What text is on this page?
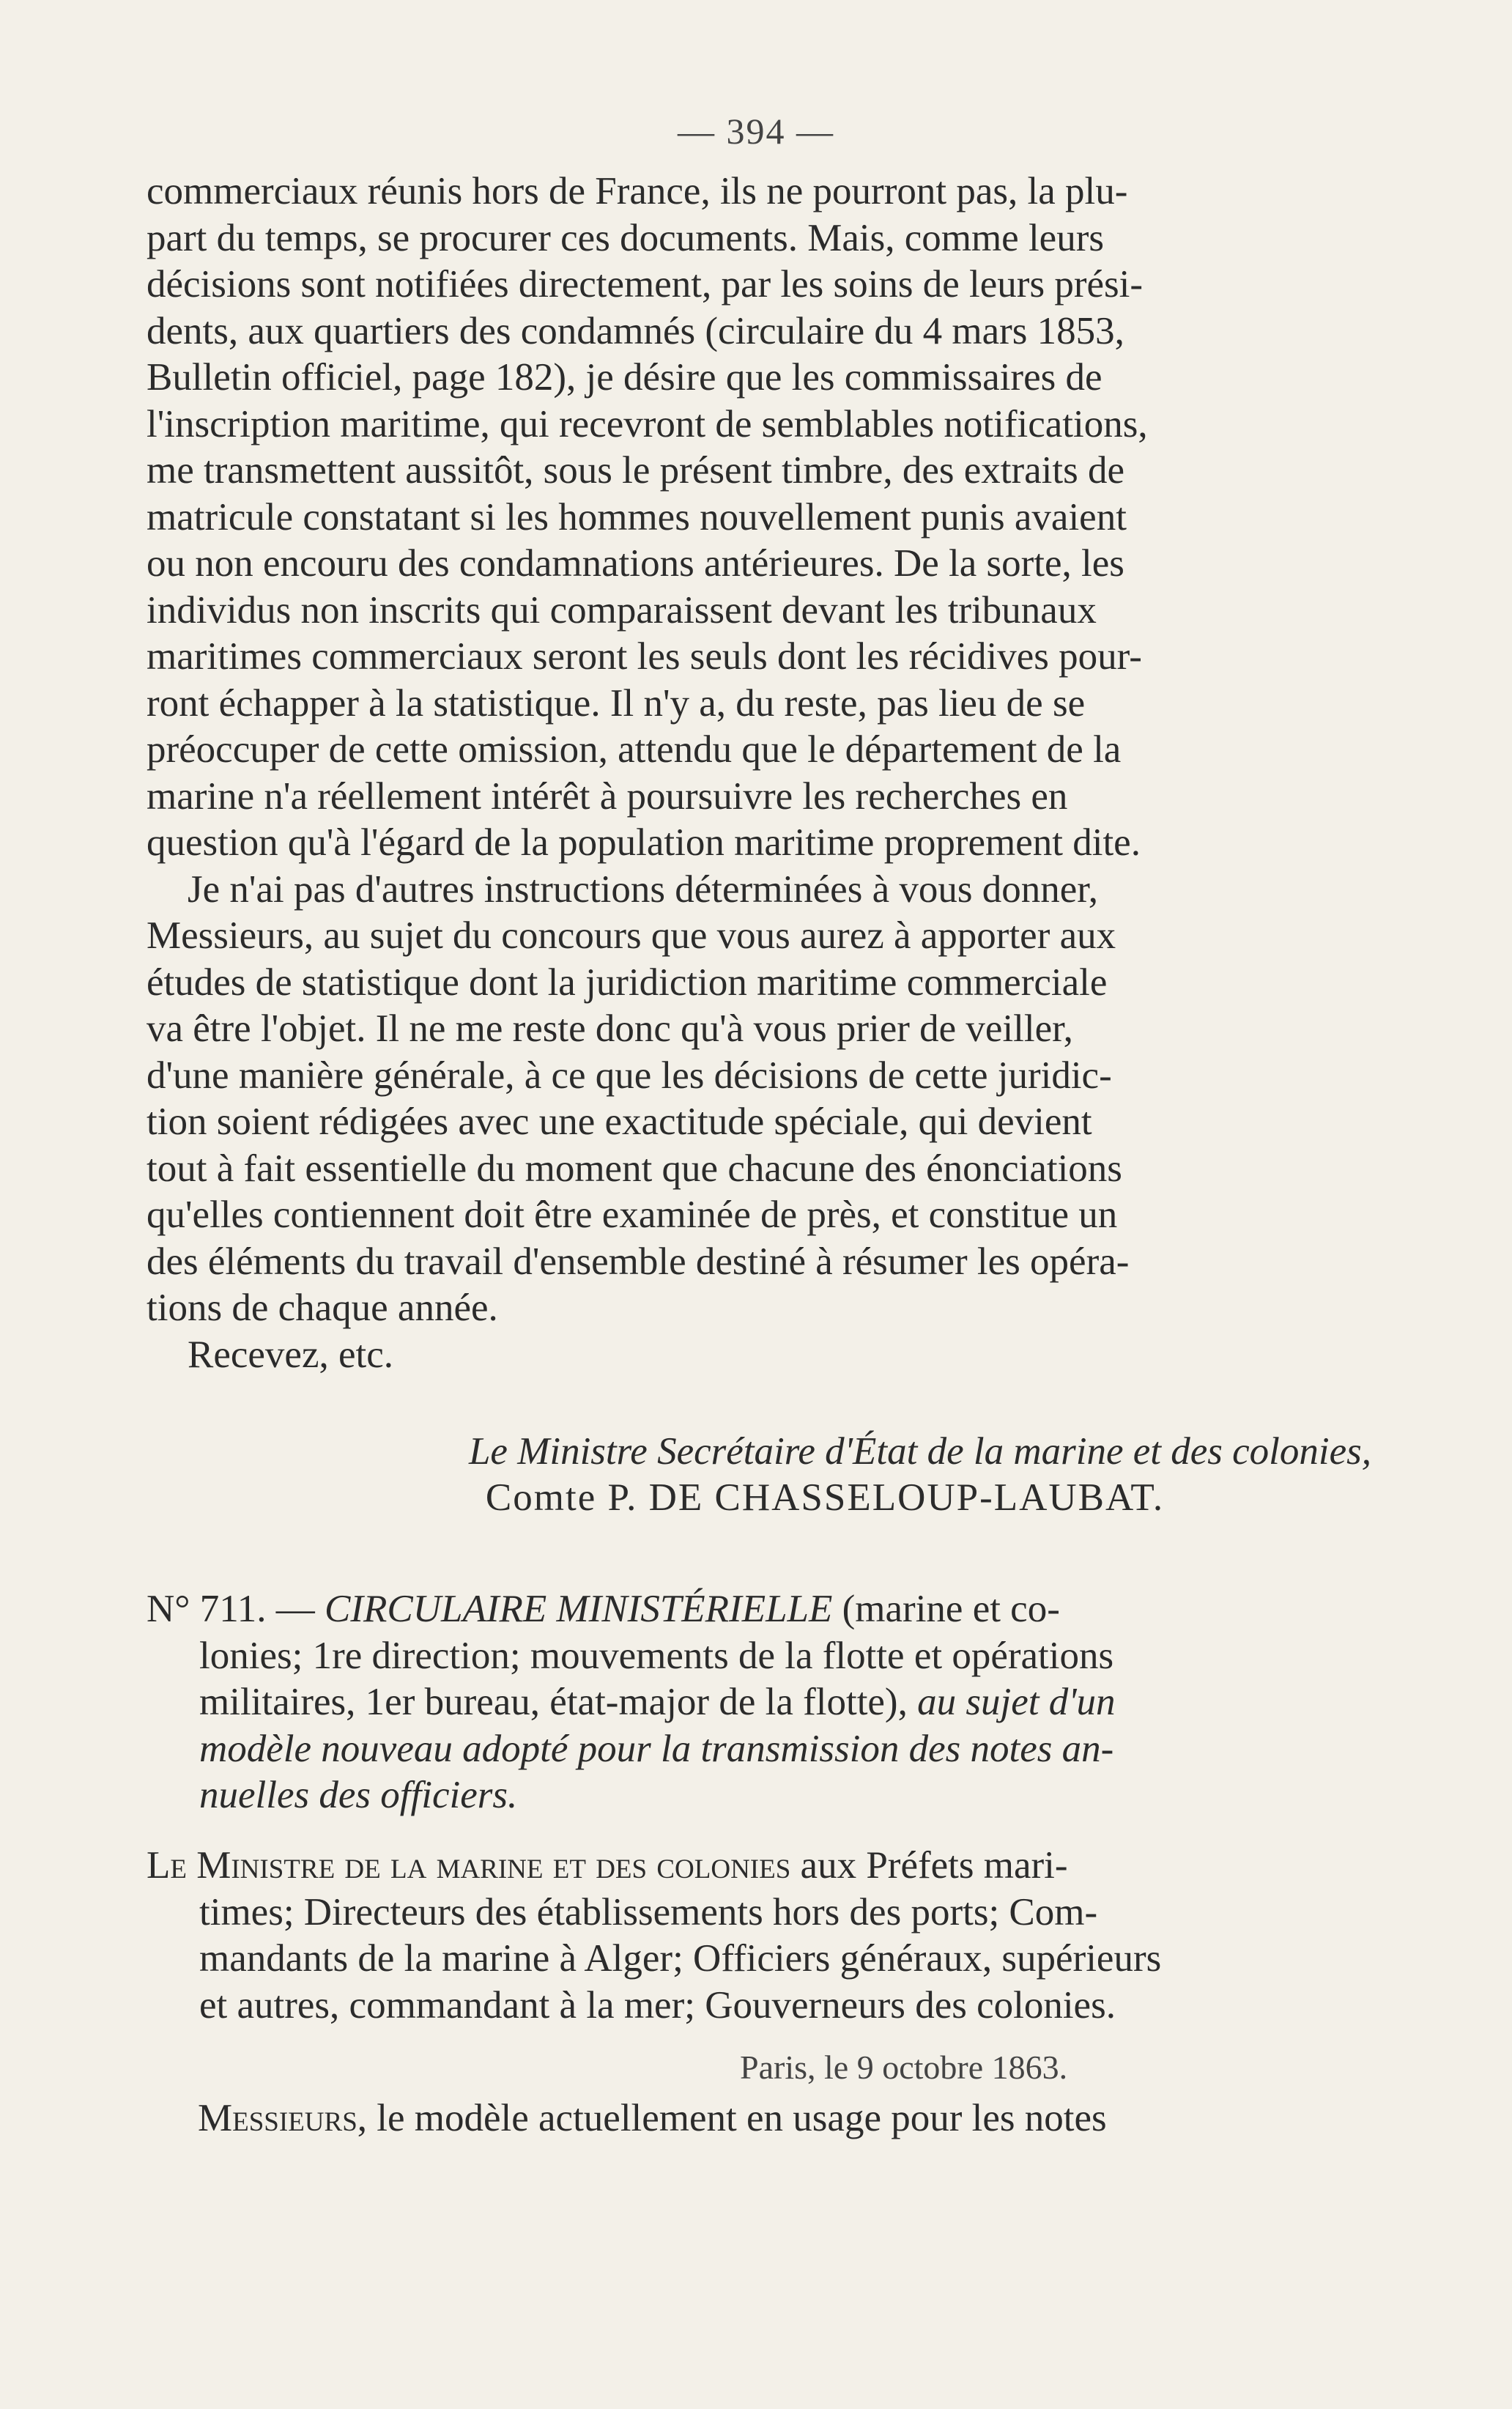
— 394 —

commerciaux réunis hors de France, ils ne pourront pas, la plu-

part du temps, se procurer ces documents. Mais, comme leurs

décisions sont notifiées directement, par les soins de leurs prési-

dents, aux quartiers des condamnés (circulaire du 4 mars 1853,

Bulletin officiel, page 182), je désire que les commissaires de

l'inscription maritime, qui recevront de semblables notifications,

me transmettent aussitôt, sous le présent timbre, des extraits de

matricule constatant si les hommes nouvellement punis avaient

ou non encouru des condamnations antérieures. De la sorte, les

individus non inscrits qui comparaissent devant les tribunaux

maritimes commerciaux seront les seuls dont les récidives pour-

ront échapper à la statistique. Il n'y a, du reste, pas lieu de se

préoccuper de cette omission, attendu que le département de la

marine n'a réellement intérêt à poursuivre les recherches en

question qu'à l'égard de la population maritime proprement dite.

Je n'ai pas d'autres instructions déterminées à vous donner,

Messieurs, au sujet du concours que vous aurez à apporter aux

études de statistique dont la juridiction maritime commerciale

va être l'objet. Il ne me reste donc qu'à vous prier de veiller,

d'une manière générale, à ce que les décisions de cette juridic-

tion soient rédigées avec une exactitude spéciale, qui devient

tout à fait essentielle du moment que chacune des énonciations

qu'elles contiennent doit être examinée de près, et constitue un

des éléments du travail d'ensemble destiné à résumer les opéra-

tions de chaque année.

Recevez, etc.

Le Ministre Secrétaire d'État de la marine et des colonies,
Comte P. DE CHASSELOUP-LAUBAT.
N° 711. — CIRCULAIRE MINISTÉRIELLE (marine et co-
lonies; 1re direction; mouvements de la flotte et opérations
militaires, 1er bureau, état-major de la flotte), au sujet d'un
modèle nouveau adopté pour la transmission des notes an-
nuelles des officiers.
Le Ministre de la marine et des colonies aux Préfets mari-
times; Directeurs des établissements hors des ports; Com-
mandants de la marine à Alger; Officiers généraux, supérieurs
et autres, commandant à la mer; Gouverneurs des colonies.
Paris, le 9 octobre 1863.
Messieurs, le modèle actuellement en usage pour les notes
